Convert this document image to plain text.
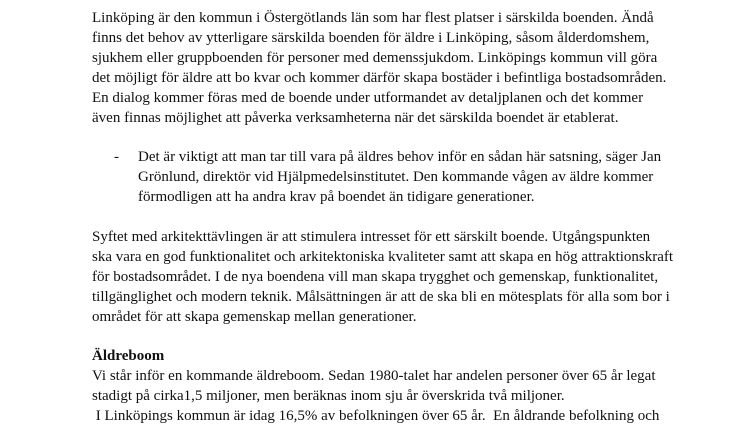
Linköping är den kommun i Östergötlands län som har flest platser i särskilda boenden. Ändå
finns det behov av ytterligare särskilda boenden för äldre i Linköping, såsom ålderdomshem,
sjukhem eller gruppboenden för personer med demenssjukdom. Linköpings kommun vill göra
det möjligt för äldre att bo kvar och kommer därför skapa bostäder i befintliga bostadsområden.
En dialog kommer föras med de boende under utformandet av detaljplanen och det kommer
även finnas möjlighet att påverka verksamheterna när det särskilda boendet är etablerat.
- Det är viktigt att man tar till vara på äldres behov inför en sådan här satsning, säger Jan
Grönlund, direktör vid Hjälpmedelsinstitutet. Den kommande vågen av äldre kommer
förmodligen att ha andra krav på boendet än tidigare generationer.
Syftet med arkitekttävlingen är att stimulera intresset för ett särskilt boende. Utgångspunkten
ska vara en god funktionalitet och arkitektoniska kvaliteter samt att skapa en hög attraktionskraft
för bostadsområdet. I de nya boendena vill man skapa trygghet och gemenskap, funktionalitet,
tillgänglighet och modern teknik. Målsättningen är att de ska bli en mötesplats för alla som bor i
området för att skapa gemenskap mellan generationer.
Äldreboom
Vi står inför en kommande äldreboom. Sedan 1980-talet har andelen personer över 65 år legat
stadigt på cirka1,5 miljoner, men beräknas inom sju år överskrida två miljoner.
I Linköpings kommun är idag 16,5% av befolkningen över 65 år.  En åldrande befolkning och
